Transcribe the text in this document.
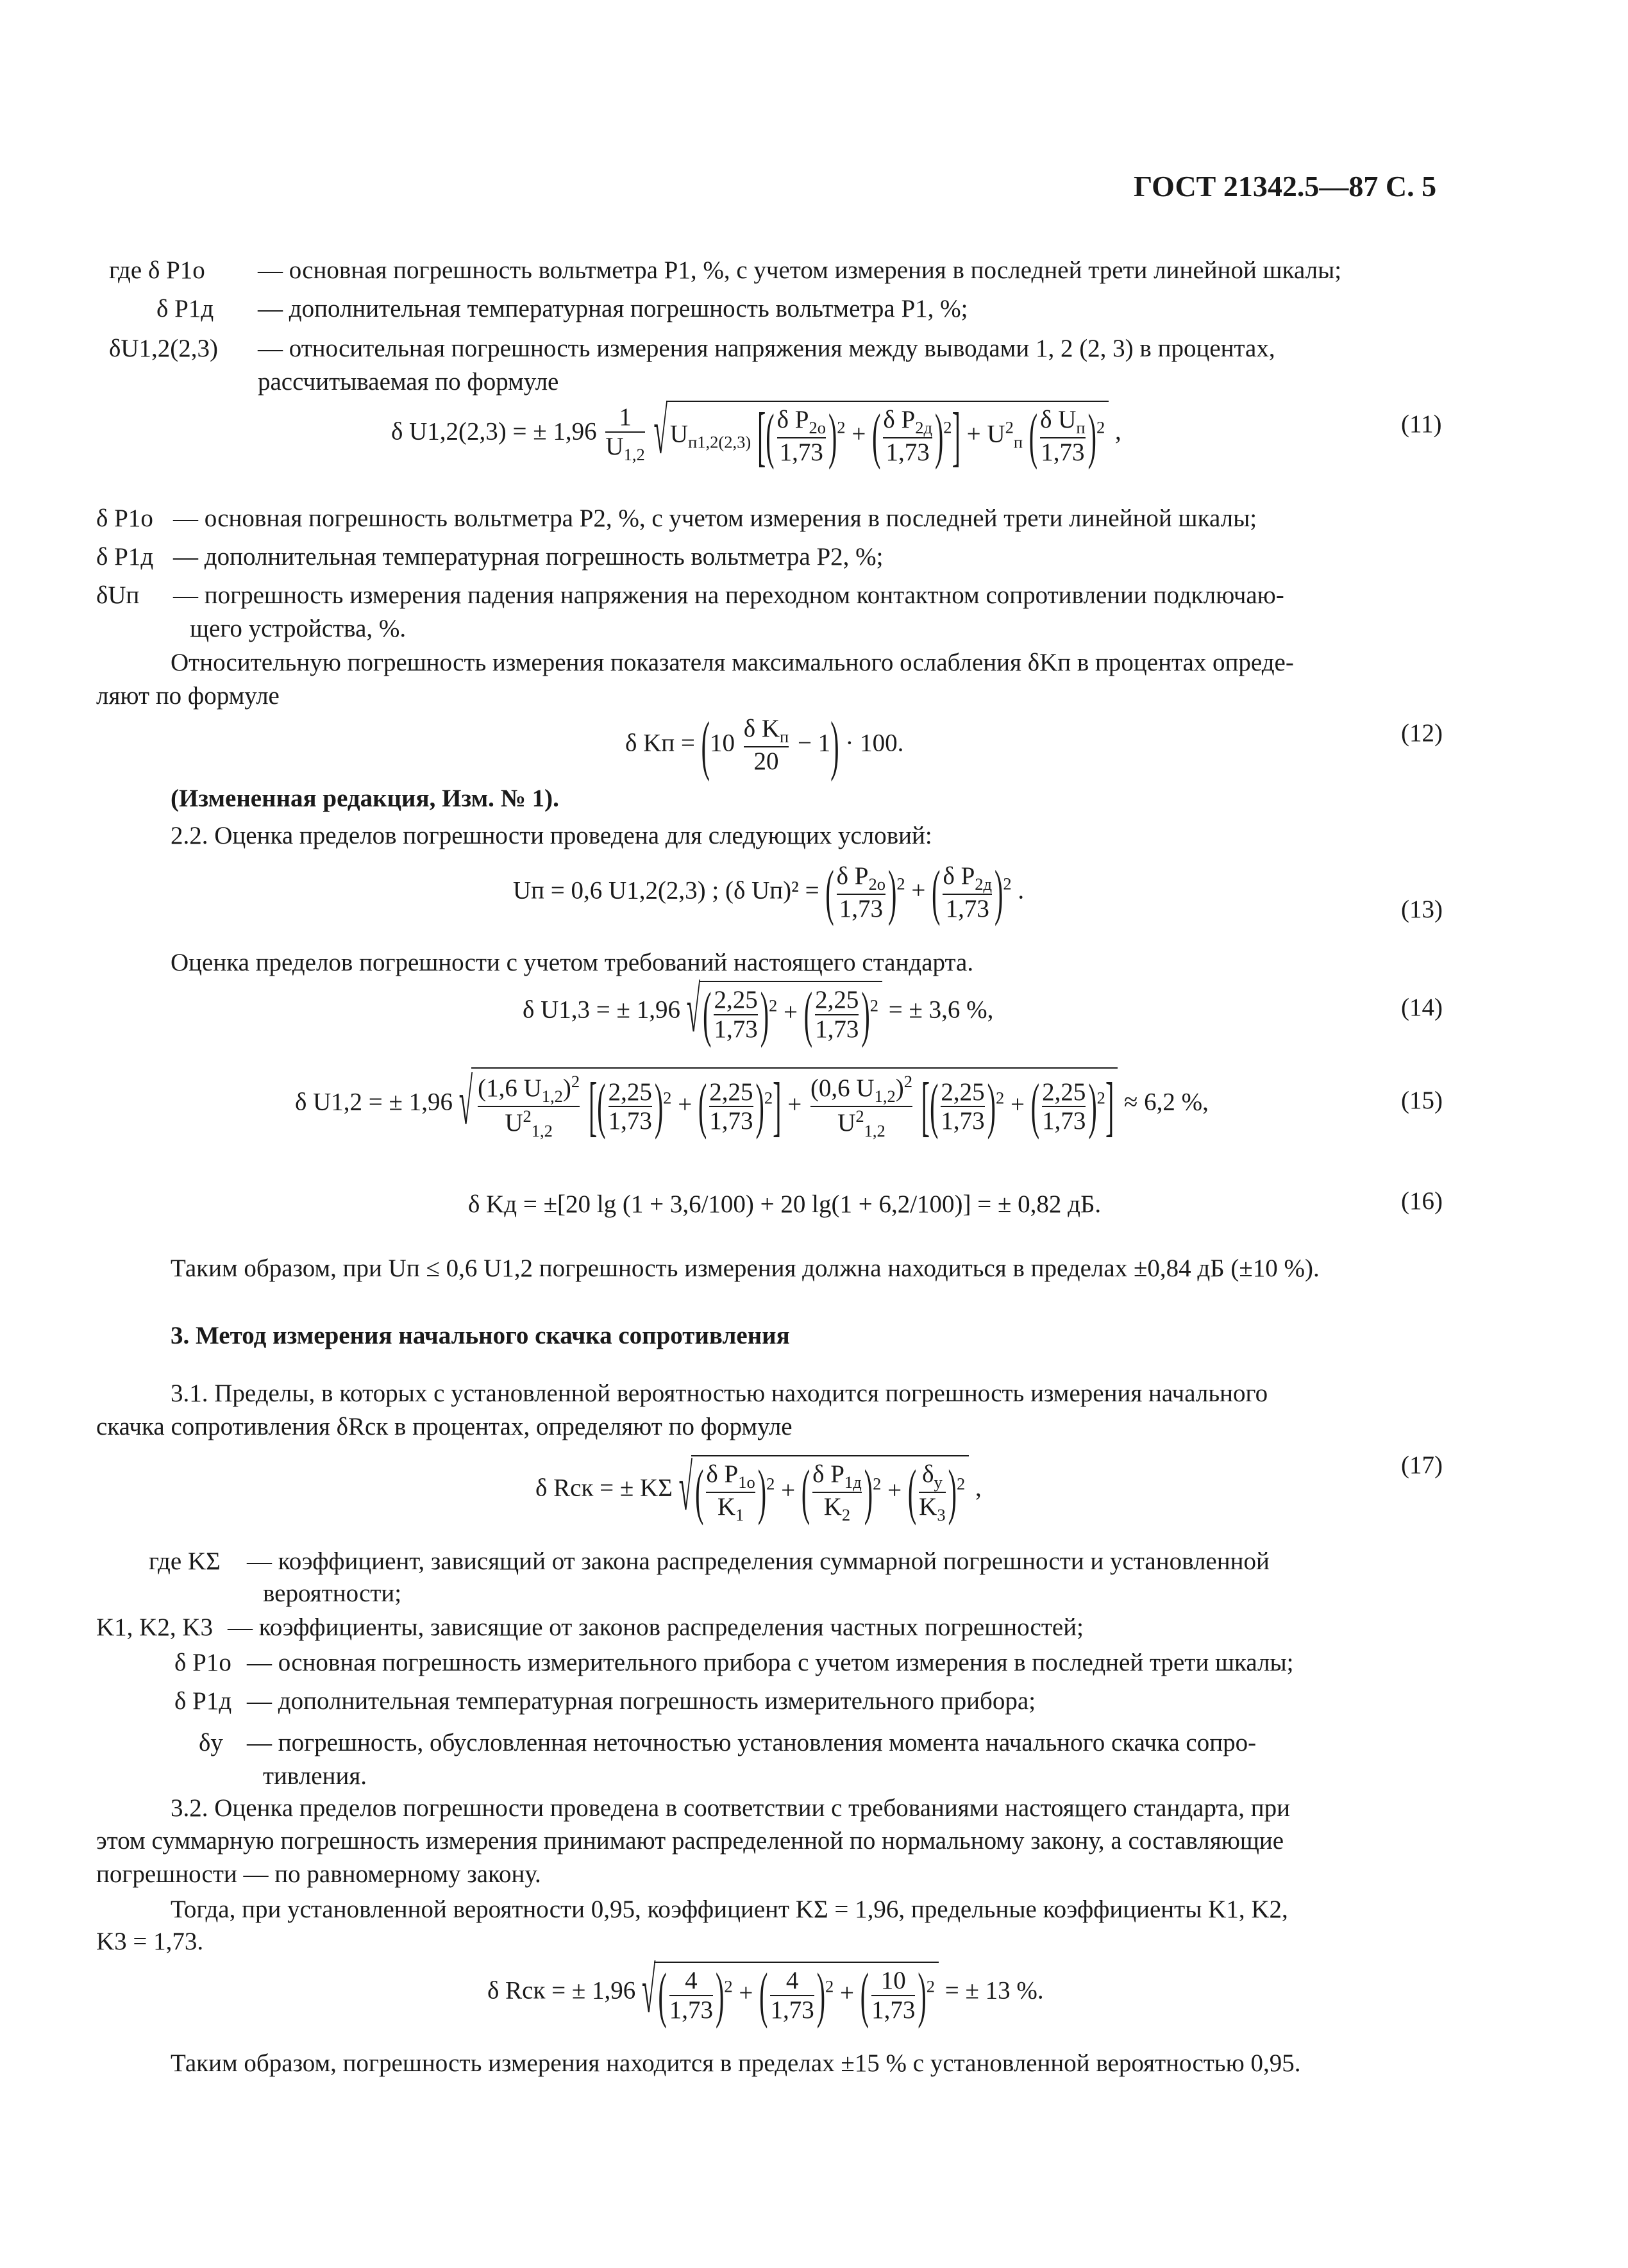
ГОСТ 21342.5—87 С. 5
где δ P1о — основная погрешность вольтметра P1, %, с учетом измерения в последней трети линейной шкалы;
δ P1д — дополнительная температурная погрешность вольтметра P1, %;
δU1,2(2,3) — относительная погрешность измерения напряжения между выводами 1, 2 (2, 3) в процентах,
рассчитываемая по формуле
δ U1,2(2,3) = ± $1,96 \frac{1}{U_{1,2}}$ √ $U_{п1,2(2,3)}$ [( $\frac{\delta P_{2о}}{1,73} )^2$ + ( $\frac{\delta P_{2д}}{1,73} )^2] + U^2_п$ ( $\frac{\delta U_п}{1,73} )^2$ ,	(11)
δ P1о — основная погрешность вольтметра P2, %, с учетом измерения в последней трети линейной шкалы;
δ P1д — дополнительная температурная погрешность вольтметра P2, %;
δUп — погрешность измерения падения напряжения на переходном контактном сопротивлении подключаю-
щего устройства, %.
Относительную погрешность измерения показателя максимального ослабления δKп в процентах опреде-
ляют по формуле
δ Kп = $(10 \frac{\delta K_п}{20} - 1) \cdot 100$.	(12)
(Измененная редакция, Изм. № 1).
2.2. Оценка пределов погрешности проведена для следующих условий:
Uп = 0,6 U1,2(2,3) ; (δ Uп)² = ( $\frac{\delta P_{2о}}{1,73} )^2$ + ( $\frac{\delta P_{2д}}{1,73} )^2$ .
(13)
Оценка пределов погрешности с учетом требований настоящего стандарта.
δ U1,3 = ± 1,96 √ ( $\frac{2,25}{1,73} )^2$ + ( $\frac{2,25}{1,73} )^2$ = ± 3,6 %,	(14)
δ U1,2 = ± 1,96 √ $\frac{(1,6 U_{1,2})^2}{U^2_{1,2}}$ [( $\frac{2,25}{1,73} )^2$ + ( $\frac{2,25}{1,73} )^2] + \frac{(0,6 U_{1,2})^2}{U^2_{1,2}}$ [( $\frac{2,25}{1,73} )^2$ + ( $\frac{2,25}{1,73} )^2] \approx 6,2$ %,	(15)
δ Kд = ±[20 lg (1 + 3,6/100) + 20 lg(1 + 6,2/100)] = ± 0,82 дБ.	(16)
Таким образом, при Uп ≤ 0,6 U1,2 погрешность измерения должна находиться в пределах ±0,84 дБ (±10 %).
3. Метод измерения начального скачка сопротивления
3.1. Пределы, в которых с установленной вероятностью находится погрешность измерения начального
скачка сопротивления δRск в процентах, определяют по формуле
δ Rск = ± KΣ √ ( $\frac{\delta P_{1о}}{K_1} )^2$ + ( $\frac{\delta P_{1д}}{K_2} )^2$ + ( $\frac{\delta_у}{K_3} )^2$ ,
(17)
где KΣ — коэффициент, зависящий от закона распределения суммарной погрешности и установленной
вероятности;
K1, K2, K3 — коэффициенты, зависящие от законов распределения частных погрешностей;
δ P1о — основная погрешность измерительного прибора с учетом измерения в последней трети шкалы;
δ P1д — дополнительная температурная погрешность измерительного прибора;
δу — погрешность, обусловленная неточностью установления момента начального скачка сопро-
тивления.
3.2. Оценка пределов погрешности проведена в соответствии с требованиями настоящего стандарта, при
этом суммарную погрешность измерения принимают распределенной по нормальному закону, а составляющие
погрешности — по равномерному закону.
Тогда, при установленной вероятности 0,95, коэффициент KΣ = 1,96, предельные коэффициенты K1, K2,
K3 = 1,73.
δ Rск = ± 1,96 √ ( $\frac{4}{1,73} )^2$ + ( $\frac{4}{1,73} )^2$ + ( $\frac{10}{1,73} )^2$ = ± 13 %.
Таким образом, погрешность измерения находится в пределах ±15 % с установленной вероятностью 0,95.
